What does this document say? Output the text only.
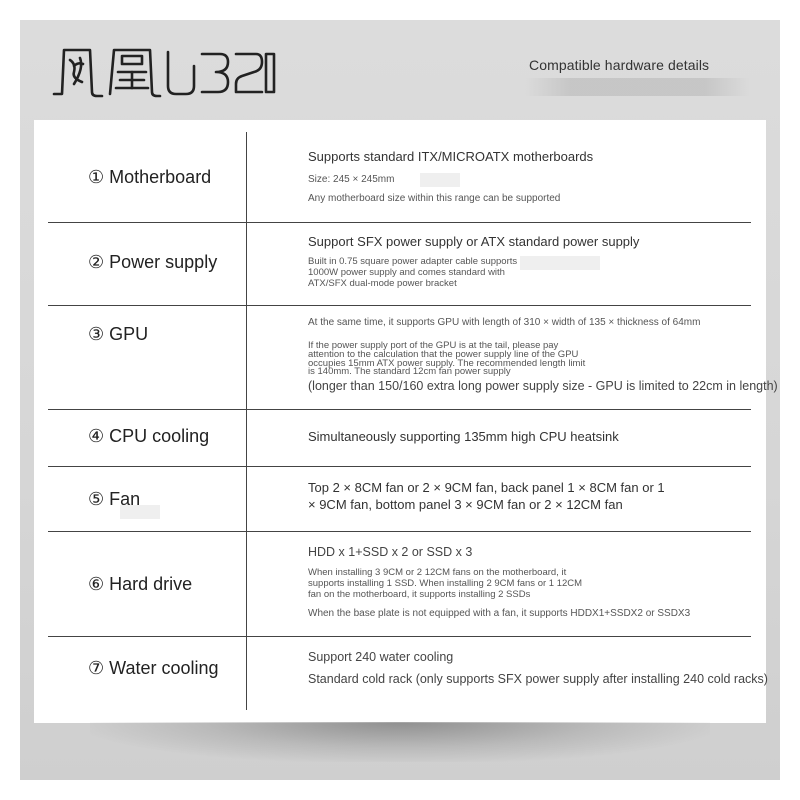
Compatible hardware details
① Motherboard
Supports standard ITX/MICROATX motherboards
Size: 245 × 245mm
Any motherboard size within this range can be supported
② Power supply
Support SFX power supply or ATX standard power supply
Built in 0.75 square power adapter cable supports
1000W power supply and comes standard with
ATX/SFX dual-mode power bracket
③ GPU
At the same time, it supports GPU with length of 310 × width of 135 × thickness of 64mm
If the power supply port of the GPU is at the tail, please pay
attention to the calculation that the power supply line of the GPU
occupies 15mm ATX power supply. The recommended length limit
is 140mm. The standard 12cm fan power supply
(longer than 150/160 extra long power supply size - GPU is limited to 22cm in length)
④ CPU cooling	Simultaneously supporting 135mm high CPU heatsink
⑤ Fan
Top 2 × 8CM fan or 2 × 9CM fan, back panel 1 × 8CM fan or 1
× 9CM fan, bottom panel 3 × 9CM fan or 2 × 12CM fan
⑥ Hard drive
HDD x 1+SSD x 2 or SSD x 3
When installing 3 9CM or 2 12CM fans on the motherboard, it
supports installing 1 SSD. When installing 2 9CM fans or 1 12CM
fan on the motherboard, it supports installing 2 SSDs
When the base plate is not equipped with a fan, it supports HDDX1+SSDX2 or SSDX3
⑦ Water cooling
Support 240 water cooling
Standard cold rack (only supports SFX power supply after installing 240 cold racks)
